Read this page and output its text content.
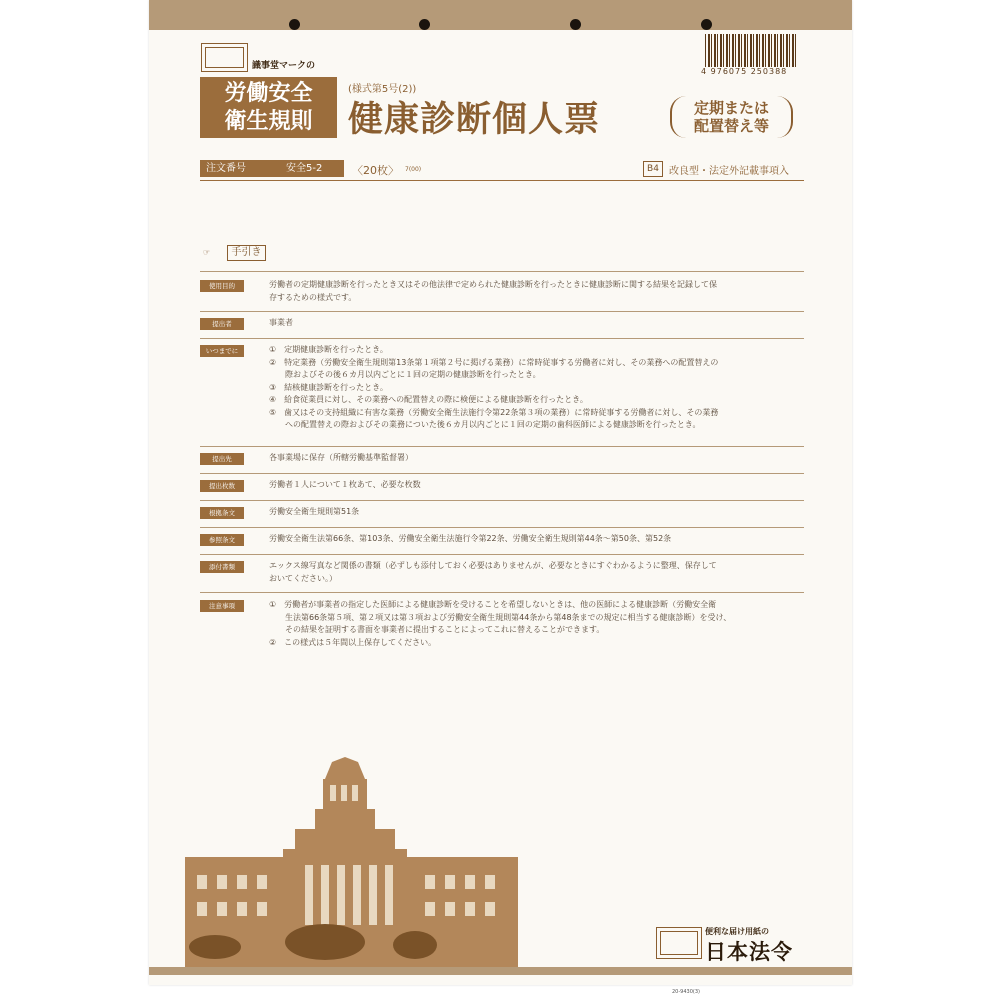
識事堂マークの
労働安全
衛生規則
(様式第5号(2))
健康診断個人票	定期または
配置替え等
4 976075 250388
注文番号	安全5-2	〈20枚〉 7(00)	B4	改良型・法定外記載事項入
☞	手引き
使用目的	労働者の定期健康診断を行ったとき又はその他法律で定められた健康診断を行ったときに健康診断に関する結果を記録して保
存するための様式です。
提出者	事業者
いつまでに	①　定期健康診断を行ったとき。
②　特定業務（労働安全衛生規則第13条第１項第２号に掲げる業務）に常時従事する労働者に対し、その業務への配置替えの
　　際およびその後６カ月以内ごとに１回の定期の健康診断を行ったとき。
③　結核健康診断を行ったとき。
④　給食従業員に対し、その業務への配置替えの際に検便による健康診断を行ったとき。
⑤　歯又はその支持組織に有害な業務（労働安全衛生法施行令第22条第３項の業務）に常時従事する労働者に対し、その業務
　　への配置替えの際およびその業務についた後６カ月以内ごとに１回の定期の歯科医師による健康診断を行ったとき。
提出先	各事業場に保存（所轄労働基準監督署）
提出枚数	労働者１人について１枚あて、必要な枚数
根拠条文	労働安全衛生規則第51条
参照条文	労働安全衛生法第66条、第103条、労働安全衛生法施行令第22条、労働安全衛生規則第44条～第50条、第52条
添付書類	エックス線写真など関係の書類（必ずしも添付しておく必要はありませんが、必要なときにすぐわかるように整理、保存して
おいてください。）
注意事項	①　労働者が事業者の指定した医師による健康診断を受けることを希望しないときは、他の医師による健康診断（労働安全衛
　　生法第66条第５項、第２項又は第３項および労働安全衛生規則第44条から第48条までの規定に相当する健康診断）を受け、
　　その結果を証明する書面を事業者に提出することによってこれに替えることができます。
②　この様式は５年間以上保存してください。
便利な届け用紙の
日本法令
20-9430(3)
